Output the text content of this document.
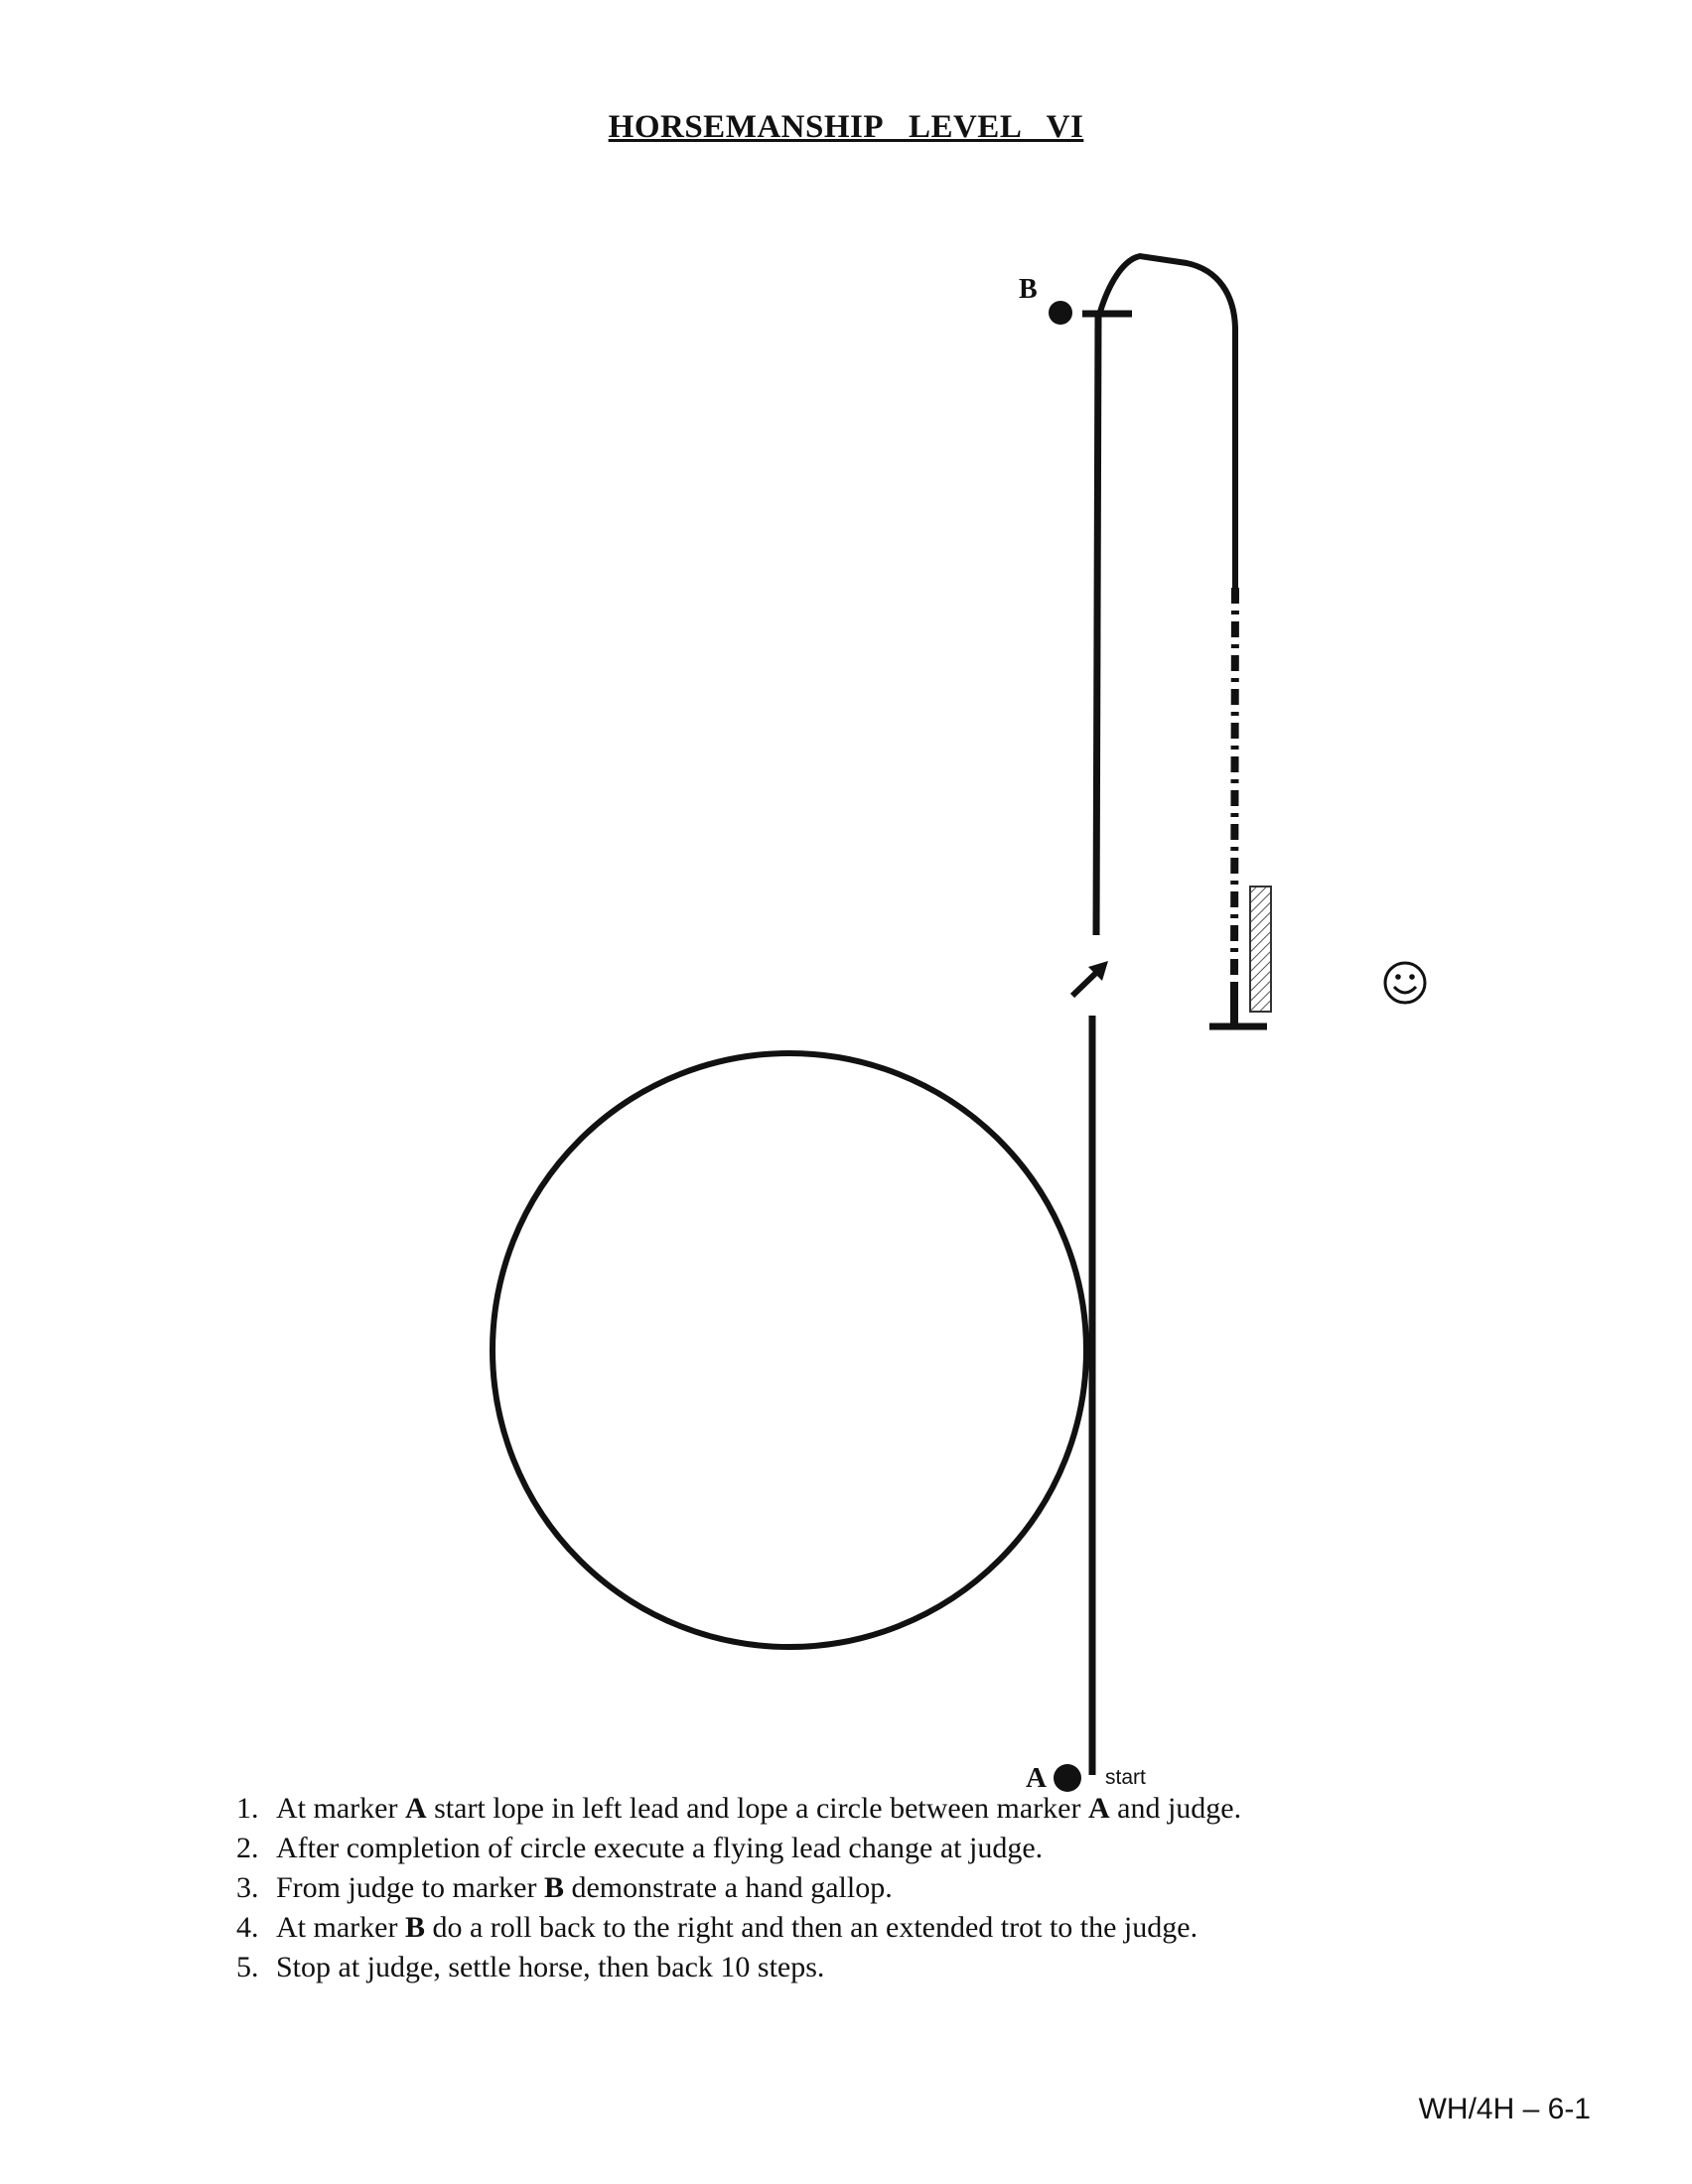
HORSEMANSHIP LEVEL VI
B
A	start
1. At marker A start lope in left lead and lope a circle between marker A and judge.
2. After completion of circle execute a flying lead change at judge.
3. From judge to marker B demonstrate a hand gallop.
4. At marker B do a roll back to the right and then an extended trot to the judge.
5. Stop at judge, settle horse, then back 10 steps.
WH/4H – 6-1
